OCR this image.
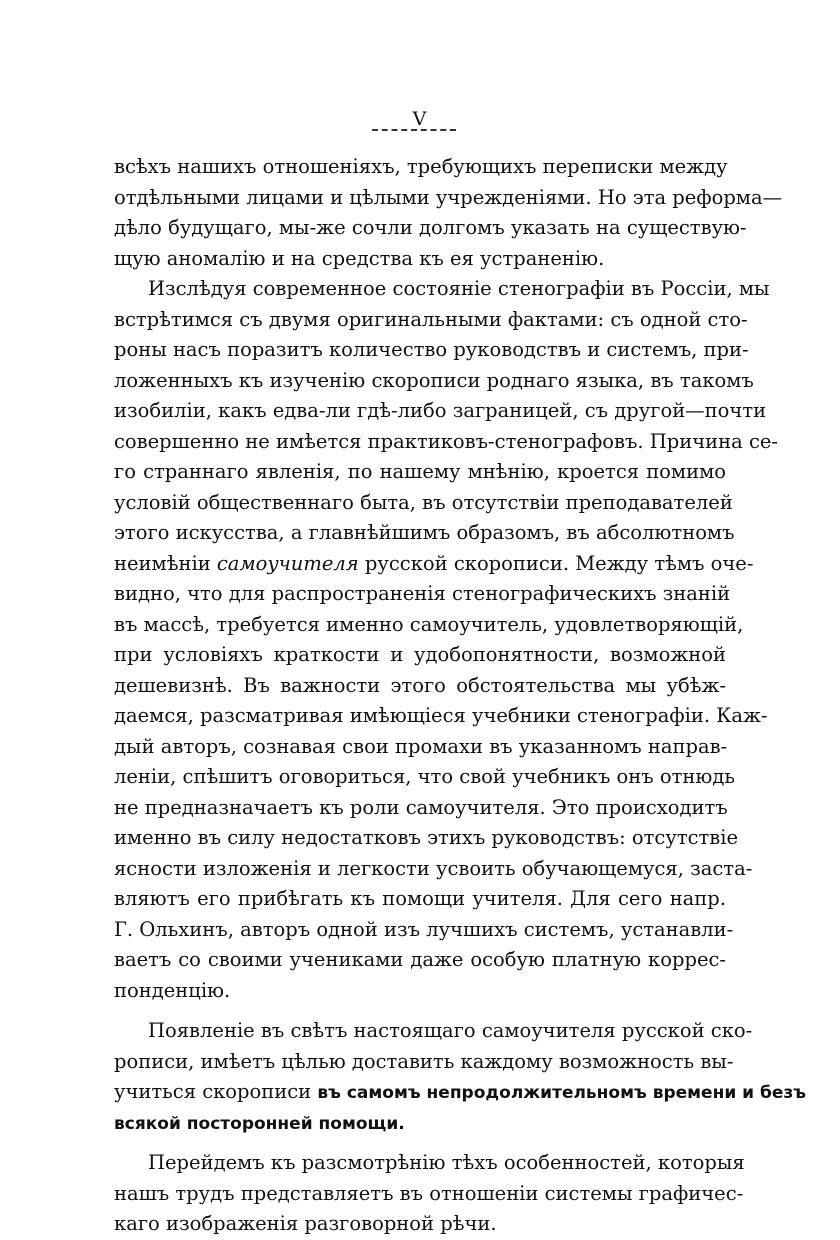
V
всѣхъ нашихъ отношеніяхъ, требующихъ переписки между
отдѣльными лицами и цѣлыми учрежденіями. Но эта реформа—
дѣло будущаго, мы-же сочли долгомъ указать на существую-
щую аномалію и на средства къ ея устраненію.
Изслѣдуя современное состояніе стенографіи въ Россіи, мы
встрѣтимся съ двумя оригинальными фактами: съ одной сто-
роны насъ поразитъ количество руководствъ и системъ, при-
ложенныхъ къ изученію скорописи роднаго языка, въ такомъ
изобиліи, какъ едва-ли гдѣ-либо заграницей, съ другой—почти
совершенно не имѣется практиковъ-стенографовъ. Причина се-
го страннаго явленія, по нашему мнѣнію, кроется помимо
условій общественнаго быта, въ отсутствіи преподавателей
этого искусства, а главнѣйшимъ образомъ, въ абсолютномъ
неимѣніи самоучителя русской скорописи. Между тѣмъ оче-
видно, что для распространенія стенографическихъ знаній
въ массѣ, требуется именно самоучитель, удовлетворяющій,
при условіяхъ краткости и удобопонятности, возможной
дешевизнѣ. Въ важности этого обстоятельства мы убѣж-
даемся, разсматривая имѣющіеся учебники стенографіи. Каж-
дый авторъ, сознавая свои промахи въ указанномъ направ-
леніи, спѣшитъ оговориться, что свой учебникъ онъ отнюдь
не предназначаетъ къ роли самоучителя. Это происходитъ
именно въ силу недостатковъ этихъ руководствъ: отсутствіе
ясности изложенія и легкости усвоить обучающемуся, заста-
вляютъ его прибѣгать къ помощи учителя. Для сего напр.
Г. Ольхинъ, авторъ одной изъ лучшихъ системъ, устанавли-
ваетъ со своими учениками даже особую платную коррес-
понденцію.
Появленіе въ свѣтъ настоящаго самоучителя русской ско-
рописи, имѣетъ цѣлью доставить каждому возможность вы-
учиться скорописи въ самомъ непродолжительномъ времени и безъ
всякой посторонней помощи.
Перейдемъ къ разсмотрѣнію тѣхъ особенностей, которыя
нашъ трудъ представляетъ въ отношеніи системы графичес-
каго изображенія разговорной рѣчи.
